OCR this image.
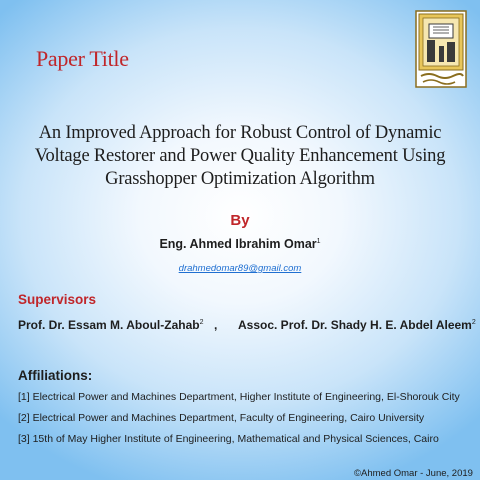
Paper Title
An Improved Approach for Robust Control of Dynamic
Voltage Restorer and Power Quality Enhancement Using
Grasshopper Optimization Algorithm
By
Eng. Ahmed Ibrahim Omar$^1$
drahmedomar89@gmail.com
Supervisors
Prof. Dr. Essam M. Aboul-Zahab$^2$ , Assoc. Prof. Dr. Shady H. E. Abdel Aleem$^2$
Affiliations:
[1] Electrical Power and Machines Department, Higher Institute of Engineering, El-Shorouk City
[2] Electrical Power and Machines Department, Faculty of Engineering, Cairo University
[3] 15th of May Higher Institute of Engineering, Mathematical and Physical Sciences, Cairo
©Ahmed Omar - June, 2019
